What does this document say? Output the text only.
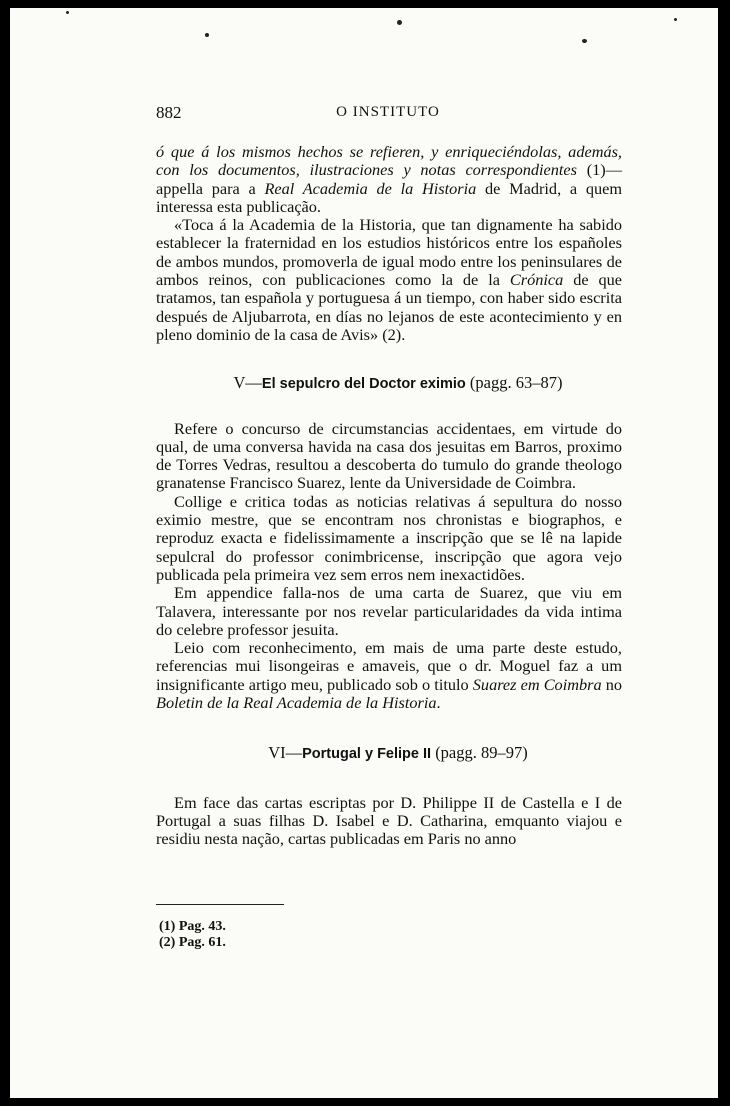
882	O INSTITUTO

ó que á los mismos hechos se refieren, y enriqueciéndolas, además, con los documentos, ilustraciones y notas correspondientes (1)— appella para a Real Academia de la Historia de Madrid, a quem interessa esta publicação.

«Toca á la Academia de la Historia, que tan dignamente ha sabido establecer la fraternidad en los estudios históricos entre los españoles de ambos mundos, promoverla de igual modo entre los peninsulares de ambos reinos, con publicaciones como la de la Crónica de que tratamos, tan española y portuguesa á un tiempo, con haber sido escrita después de Aljubarrota, en días no lejanos de este acontecimiento y en pleno dominio de la casa de Avis» (2).

V—El sepulcro del Doctor eximio (pagg. 63–87)

Refere o concurso de circumstancias accidentaes, em virtude do qual, de uma conversa havida na casa dos jesuitas em Barros, proximo de Torres Vedras, resultou a descoberta do tumulo do grande theologo granatense Francisco Suarez, lente da Universidade de Coimbra.

Collige e critica todas as noticias relativas á sepultura do nosso eximio mestre, que se encontram nos chronistas e biographos, e reproduz exacta e fidelissimamente a inscripção que se lê na lapide sepulcral do professor conimbricense, inscripção que agora vejo publicada pela primeira vez sem erros nem inexactidões.

Em appendice falla-nos de uma carta de Suarez, que viu em Talavera, interessante por nos revelar particularidades da vida intima do celebre professor jesuita.

Leio com reconhecimento, em mais de uma parte deste estudo, referencias mui lisongeiras e amaveis, que o dr. Moguel faz a um insignificante artigo meu, publicado sob o titulo Suarez em Coimbra no Boletin de la Real Academia de la Historia.

VI—Portugal y Felipe II (pagg. 89–97)

Em face das cartas escriptas por D. Philippe II de Castella e I de Portugal a suas filhas D. Isabel e D. Catharina, emquanto viajou e residiu nesta nação, cartas publicadas em Paris no anno

(1) Pag. 43.
(2) Pag. 61.
